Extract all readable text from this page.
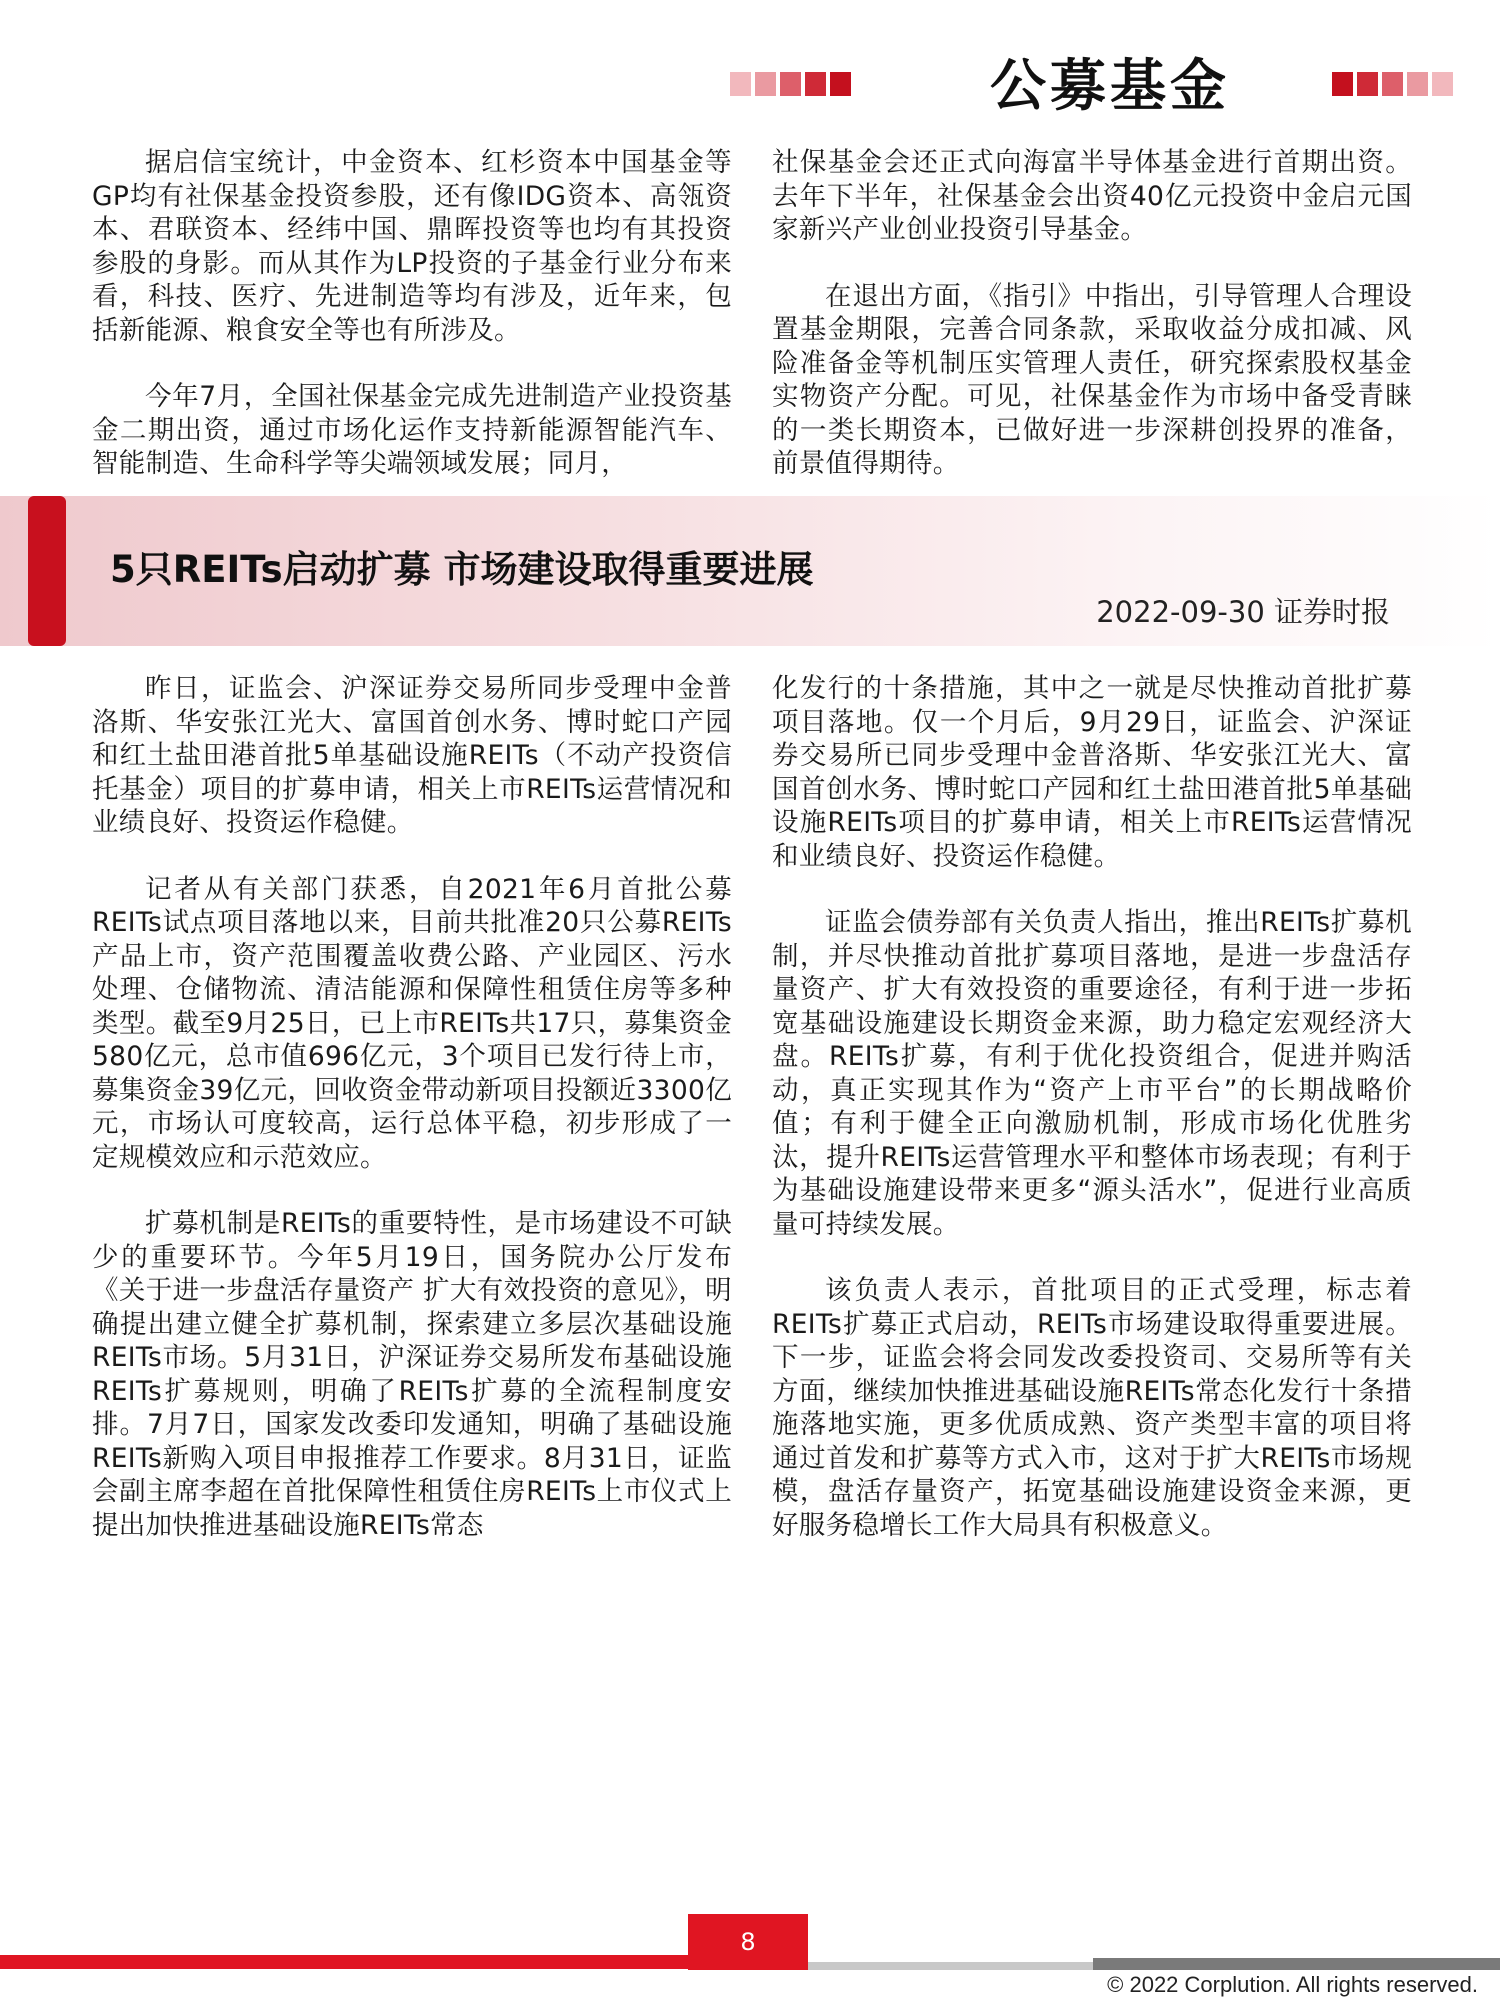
公募基金

据启信宝统计，中金资本、红杉资本中国基金等GP均有社保基金投资参股，还有像IDG资本、高瓴资本、君联资本、经纬中国、鼎晖投资等也均有其投资参股的身影。而从其作为LP投资的子基金行业分布来看，科技、医疗、先进制造等均有涉及，近年来，包括新能源、粮食安全等也有所涉及。

今年7月，全国社保基金完成先进制造产业投资基金二期出资，通过市场化运作支持新能源智能汽车、智能制造、生命科学等尖端领域发展；同月，

社保基金会还正式向海富半导体基金进行首期出资。去年下半年，社保基金会出资40亿元投资中金启元国家新兴产业创业投资引导基金。

在退出方面，《指引》中指出，引导管理人合理设置基金期限，完善合同条款，采取收益分成扣减、风险准备金等机制压实管理人责任，研究探索股权基金实物资产分配。可见，社保基金作为市场中备受青睐的一类长期资本，已做好进一步深耕创投界的准备，前景值得期待。

5只REITs启动扩募 市场建设取得重要进展
2022-09-30 证券时报

昨日，证监会、沪深证券交易所同步受理中金普洛斯、华安张江光大、富国首创水务、博时蛇口产园和红土盐田港首批5单基础设施REITs（不动产投资信托基金）项目的扩募申请，相关上市REITs运营情况和业绩良好、投资运作稳健。

记者从有关部门获悉，自2021年6月首批公募REITs试点项目落地以来，目前共批准20只公募REITs产品上市，资产范围覆盖收费公路、产业园区、污水处理、仓储物流、清洁能源和保障性租赁住房等多种类型。截至9月25日，已上市REITs共17只，募集资金580亿元，总市值696亿元，3个项目已发行待上市，募集资金39亿元，回收资金带动新项目投额近3300亿元，市场认可度较高，运行总体平稳，初步形成了一定规模效应和示范效应。

扩募机制是REITs的重要特性，是市场建设不可缺少的重要环节。今年5月19日，国务院办公厅发布《关于进一步盘活存量资产 扩大有效投资的意见》，明确提出建立健全扩募机制，探索建立多层次基础设施REITs市场。5月31日，沪深证券交易所发布基础设施REITs扩募规则，明确了REITs扩募的全流程制度安排。7月7日，国家发改委印发通知，明确了基础设施REITs新购入项目申报推荐工作要求。8月31日，证监会副主席李超在首批保障性租赁住房REITs上市仪式上提出加快推进基础设施REITs常态

化发行的十条措施，其中之一就是尽快推动首批扩募项目落地。仅一个月后，9月29日，证监会、沪深证券交易所已同步受理中金普洛斯、华安张江光大、富国首创水务、博时蛇口产园和红土盐田港首批5单基础设施REITs项目的扩募申请，相关上市REITs运营情况和业绩良好、投资运作稳健。

证监会债券部有关负责人指出，推出REITs扩募机制，并尽快推动首批扩募项目落地，是进一步盘活存量资产、扩大有效投资的重要途径，有利于进一步拓宽基础设施建设长期资金来源，助力稳定宏观经济大盘。REITs扩募，有利于优化投资组合，促进并购活动，真正实现其作为“资产上市平台”的长期战略价值；有利于健全正向激励机制，形成市场化优胜劣汰，提升REITs运营管理水平和整体市场表现；有利于为基础设施建设带来更多“源头活水”，促进行业高质量可持续发展。

该负责人表示，首批项目的正式受理，标志着REITs扩募正式启动，REITs市场建设取得重要进展。下一步，证监会将会同发改委投资司、交易所等有关方面，继续加快推进基础设施REITs常态化发行十条措施落地实施，更多优质成熟、资产类型丰富的项目将通过首发和扩募等方式入市，这对于扩大REITs市场规模，盘活存量资产，拓宽基础设施建设资金来源，更好服务稳增长工作大局具有积极意义。

8
© 2022 Corplution. All rights reserved.
